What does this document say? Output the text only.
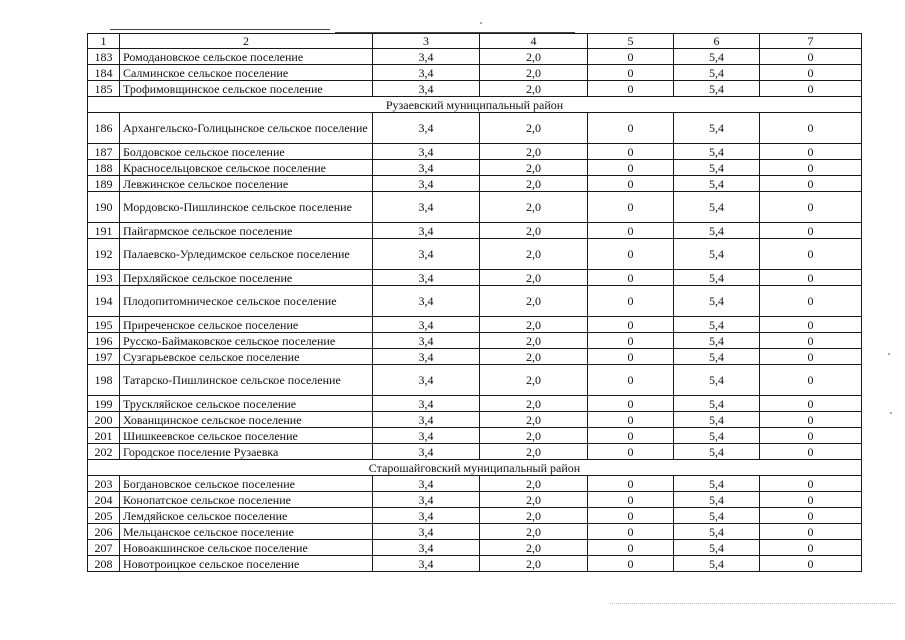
1	2	3	4	5	6	7
183	Ромодановское сельское поселение	3,4	2,0	0	5,4	0
184	Салминское сельское поселение	3,4	2,0	0	5,4	0
185	Трофимовщинское сельское поселение	3,4	2,0	0	5,4	0
Рузаевский муниципальный район						
186	Архангельско-Голицынское сельское поселение	3,4	2,0	0	5,4	0
187	Болдовское сельское поселение	3,4	2,0	0	5,4	0
188	Красносельцовское сельское поселение	3,4	2,0	0	5,4	0
189	Левжинское сельское поселение	3,4	2,0	0	5,4	0
190	Мордовско-Пишлинское сельское поселение	3,4	2,0	0	5,4	0
191	Пайгармское сельское поселение	3,4	2,0	0	5,4	0
192	Палаевско-Урледимское сельское поселение	3,4	2,0	0	5,4	0
193	Перхляйское сельское поселение	3,4	2,0	0	5,4	0
194	Плодопитомническое сельское поселение	3,4	2,0	0	5,4	0
195	Приреченское сельское поселение	3,4	2,0	0	5,4	0
196	Русско-Баймаковское сельское поселение	3,4	2,0	0	5,4	0
197	Сузгарьевское сельское поселение	3,4	2,0	0	5,4	0
198	Татарско-Пишлинское сельское поселение	3,4	2,0	0	5,4	0
199	Трускляйское сельское поселение	3,4	2,0	0	5,4	0
200	Хованщинское сельское поселение	3,4	2,0	0	5,4	0
201	Шишкеевское сельское поселение	3,4	2,0	0	5,4	0
202	Городское поселение Рузаевка	3,4	2,0	0	5,4	0
Старошайговский муниципальный район						
203	Богдановское сельское поселение	3,4	2,0	0	5,4	0
204	Конопатское сельское поселение	3,4	2,0	0	5,4	0
205	Лемдяйское сельское поселение	3,4	2,0	0	5,4	0
206	Мельцанское сельское поселение	3,4	2,0	0	5,4	0
207	Новоакшинское сельское поселение	3,4	2,0	0	5,4	0
208	Новотроицкое сельское поселение	3,4	2,0	0	5,4	0
